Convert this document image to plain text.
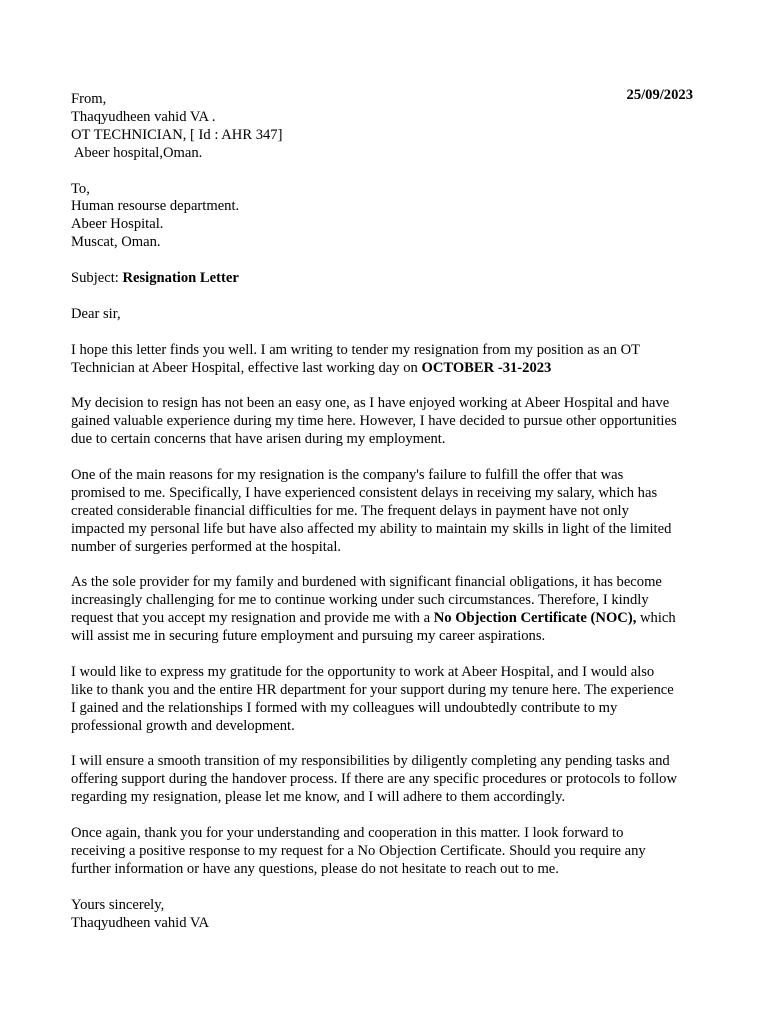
25/09/2023
From,
Thaqyudheen vahid VA .
OT TECHNICIAN, [ Id : AHR 347]
Abeer hospital,Oman.
To,
Human resourse department.
Abeer Hospital.
Muscat, Oman.
Subject: Resignation Letter
Dear sir,
I hope this letter finds you well. I am writing to tender my resignation from my position as an OT
Technician at Abeer Hospital, effective last working day on OCTOBER -31-2023
My decision to resign has not been an easy one, as I have enjoyed working at Abeer Hospital and have
gained valuable experience during my time here. However, I have decided to pursue other opportunities
due to certain concerns that have arisen during my employment.
One of the main reasons for my resignation is the company's failure to fulfill the offer that was
promised to me. Specifically, I have experienced consistent delays in receiving my salary, which has
created considerable financial difficulties for me. The frequent delays in payment have not only
impacted my personal life but have also affected my ability to maintain my skills in light of the limited
number of surgeries performed at the hospital.
As the sole provider for my family and burdened with significant financial obligations, it has become
increasingly challenging for me to continue working under such circumstances. Therefore, I kindly
request that you accept my resignation and provide me with a No Objection Certificate (NOC), which
will assist me in securing future employment and pursuing my career aspirations.
I would like to express my gratitude for the opportunity to work at Abeer Hospital, and I would also
like to thank you and the entire HR department for your support during my tenure here. The experience
I gained and the relationships I formed with my colleagues will undoubtedly contribute to my
professional growth and development.
I will ensure a smooth transition of my responsibilities by diligently completing any pending tasks and
offering support during the handover process. If there are any specific procedures or protocols to follow
regarding my resignation, please let me know, and I will adhere to them accordingly.
Once again, thank you for your understanding and cooperation in this matter. I look forward to
receiving a positive response to my request for a No Objection Certificate. Should you require any
further information or have any questions, please do not hesitate to reach out to me.
Yours sincerely,
Thaqyudheen vahid VA
